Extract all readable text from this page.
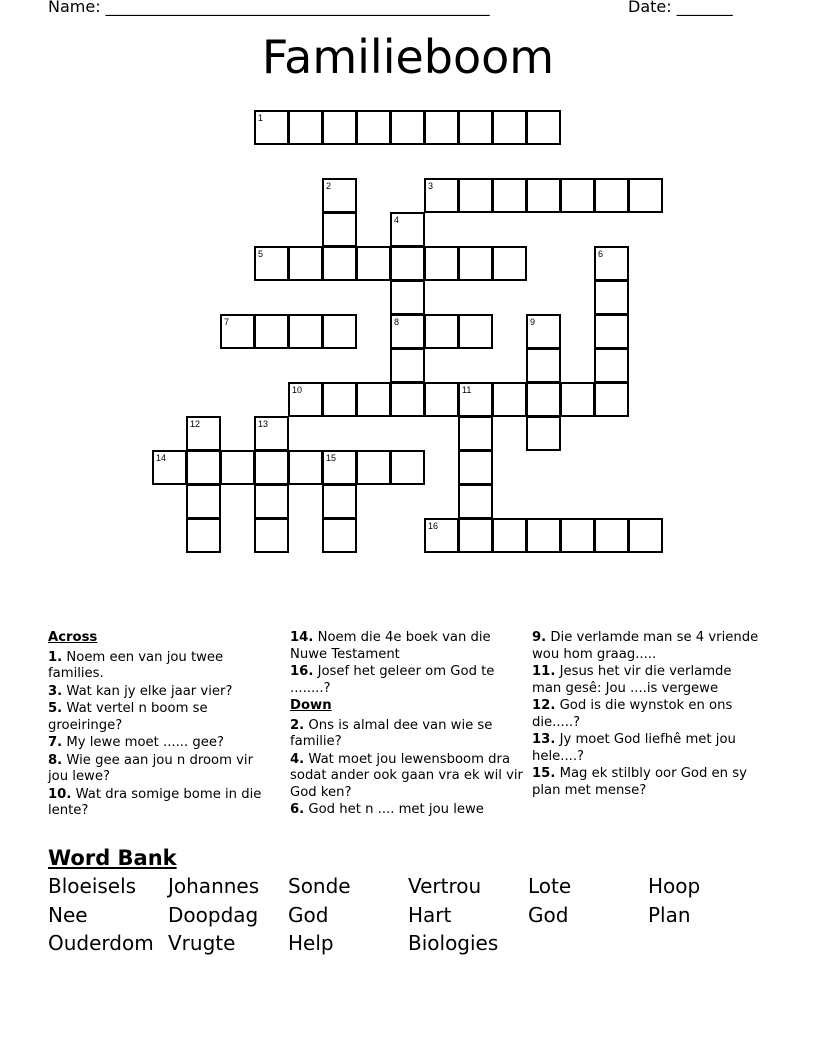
Name: ________________________________________________	Date: _______
Familieboom
1
3
5
7	8
10	11
14	15
16
2
4
6
9
12	13
Across
1. Noem een van jou twee families.
3. Wat kan jy elke jaar vier?
5. Wat vertel n boom se groeiringe?
7. My lewe moet ...... gee?
8. Wie gee aan jou n droom vir jou lewe?
10. Wat dra somige bome in die lente?
14. Noem die 4e boek van die Nuwe Testament
16. Josef het geleer om God te ........?
Down
2. Ons is almal dee van wie se familie?
4. Wat moet jou lewensboom dra sodat ander ook gaan vra ek wil vir God ken?
6. God het n .... met jou lewe
9. Die verlamde man se 4 vriende wou hom graag.....
11. Jesus het vir die verlamde man gesê: Jou ....is vergewe
12. God is die wynstok en ons die.....?
13. Jy moet God liefhê met jou hele....?
15. Mag ek stilbly oor God en sy plan met mense?
Word Bank
Bloeisels Johannes Sonde	Vertrou Lote	Hoop
Nee	Doopdag God	Hart	God	Plan
Ouderdom Vrugte	Help	Biologies
